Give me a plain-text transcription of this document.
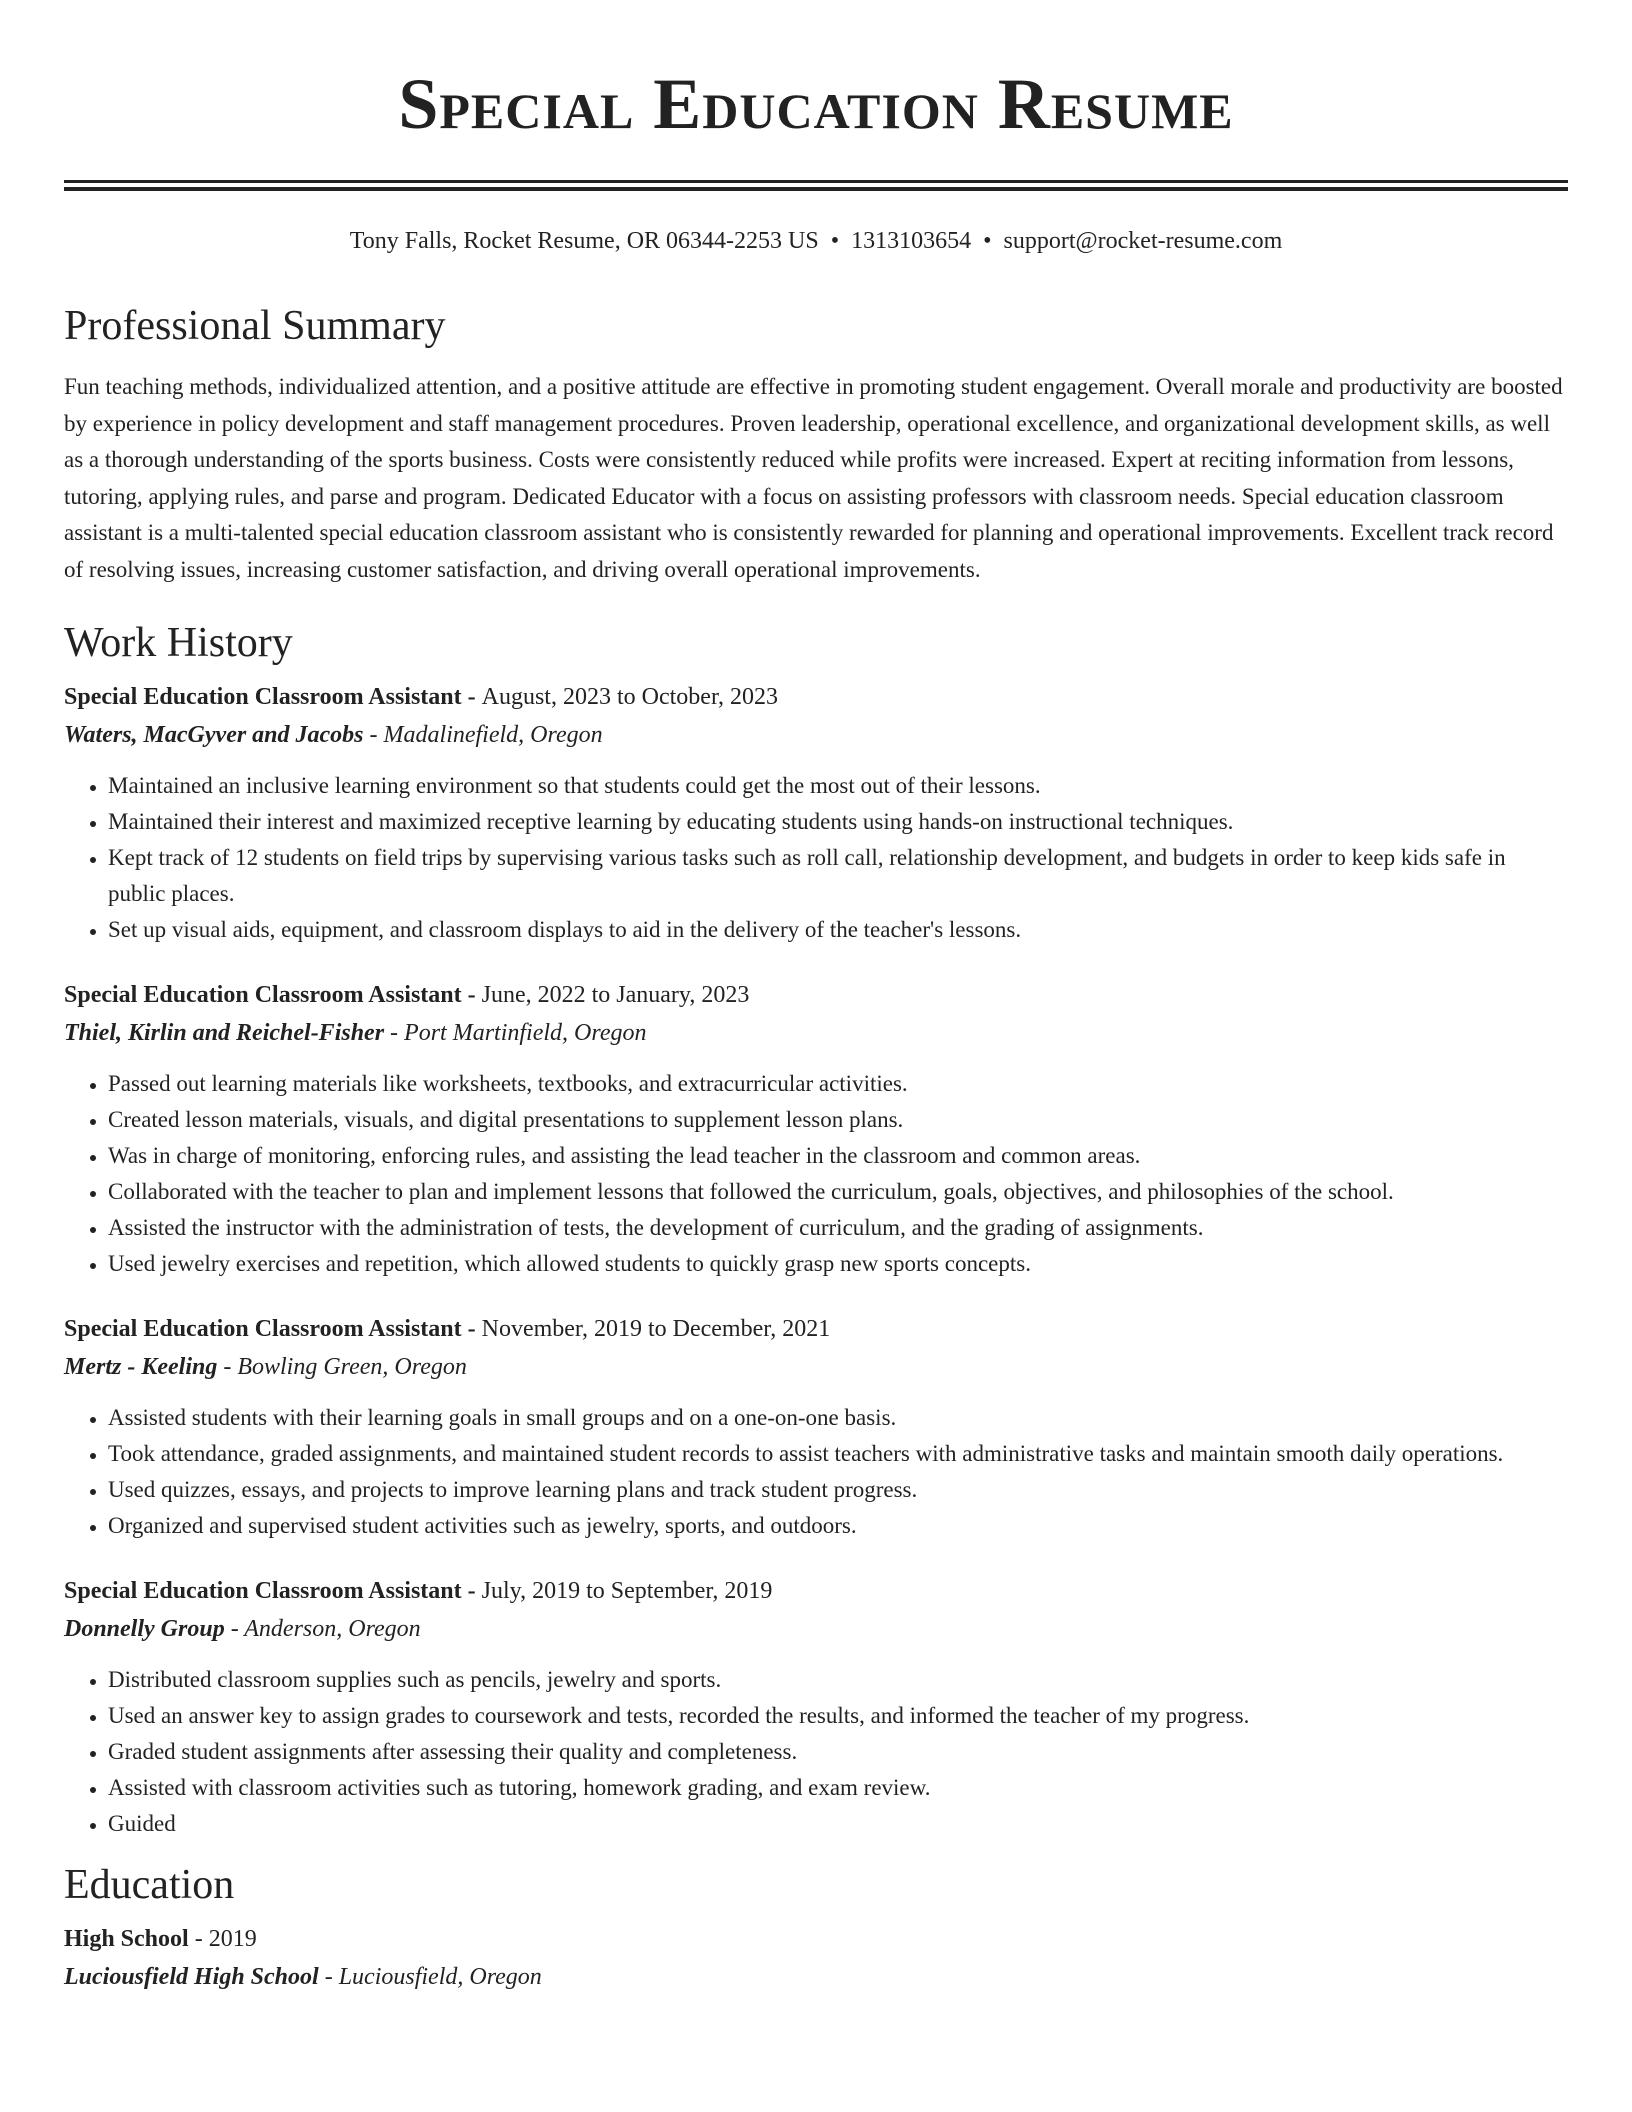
Special Education Resume
Tony Falls, Rocket Resume, OR 06344-2253 US • 1313103654 • support@rocket-resume.com
Professional Summary

Fun teaching methods, individualized attention, and a positive attitude are effective in promoting student engagement. Overall morale and productivity are boosted by experience in policy development and staff management procedures. Proven leadership, operational excellence, and organizational development skills, as well as a thorough understanding of the sports business. Costs were consistently reduced while profits were increased. Expert at reciting information from lessons, tutoring, applying rules, and parse and program. Dedicated Educator with a focus on assisting professors with classroom needs. Special education classroom assistant is a multi-talented special education classroom assistant who is consistently rewarded for planning and operational improvements. Excellent track record of resolving issues, increasing customer satisfaction, and driving overall operational improvements.

Work History
Special Education Classroom Assistant - August, 2023 to October, 2023
Waters, MacGyver and Jacobs - Madalinefield, Oregon
• Maintained an inclusive learning environment so that students could get the most out of their lessons.
• Maintained their interest and maximized receptive learning by educating students using hands-on instructional techniques.
• Kept track of 12 students on field trips by supervising various tasks such as roll call, relationship development, and budgets in order to keep kids safe in public places.
• Set up visual aids, equipment, and classroom displays to aid in the delivery of the teacher's lessons.
Special Education Classroom Assistant - June, 2022 to January, 2023
Thiel, Kirlin and Reichel-Fisher - Port Martinfield, Oregon
• Passed out learning materials like worksheets, textbooks, and extracurricular activities.
• Created lesson materials, visuals, and digital presentations to supplement lesson plans.
• Was in charge of monitoring, enforcing rules, and assisting the lead teacher in the classroom and common areas.
• Collaborated with the teacher to plan and implement lessons that followed the curriculum, goals, objectives, and philosophies of the school.
• Assisted the instructor with the administration of tests, the development of curriculum, and the grading of assignments.
• Used jewelry exercises and repetition, which allowed students to quickly grasp new sports concepts.
Special Education Classroom Assistant - November, 2019 to December, 2021
Mertz - Keeling - Bowling Green, Oregon
• Assisted students with their learning goals in small groups and on a one-on-one basis.
• Took attendance, graded assignments, and maintained student records to assist teachers with administrative tasks and maintain smooth daily operations.
• Used quizzes, essays, and projects to improve learning plans and track student progress.
• Organized and supervised student activities such as jewelry, sports, and outdoors.
Special Education Classroom Assistant - July, 2019 to September, 2019
Donnelly Group - Anderson, Oregon
• Distributed classroom supplies such as pencils, jewelry and sports.
• Used an answer key to assign grades to coursework and tests, recorded the results, and informed the teacher of my progress.
• Graded student assignments after assessing their quality and completeness.
• Assisted with classroom activities such as tutoring, homework grading, and exam review.
• Guided
Education
High School - 2019
Luciousfield High School - Luciousfield, Oregon
